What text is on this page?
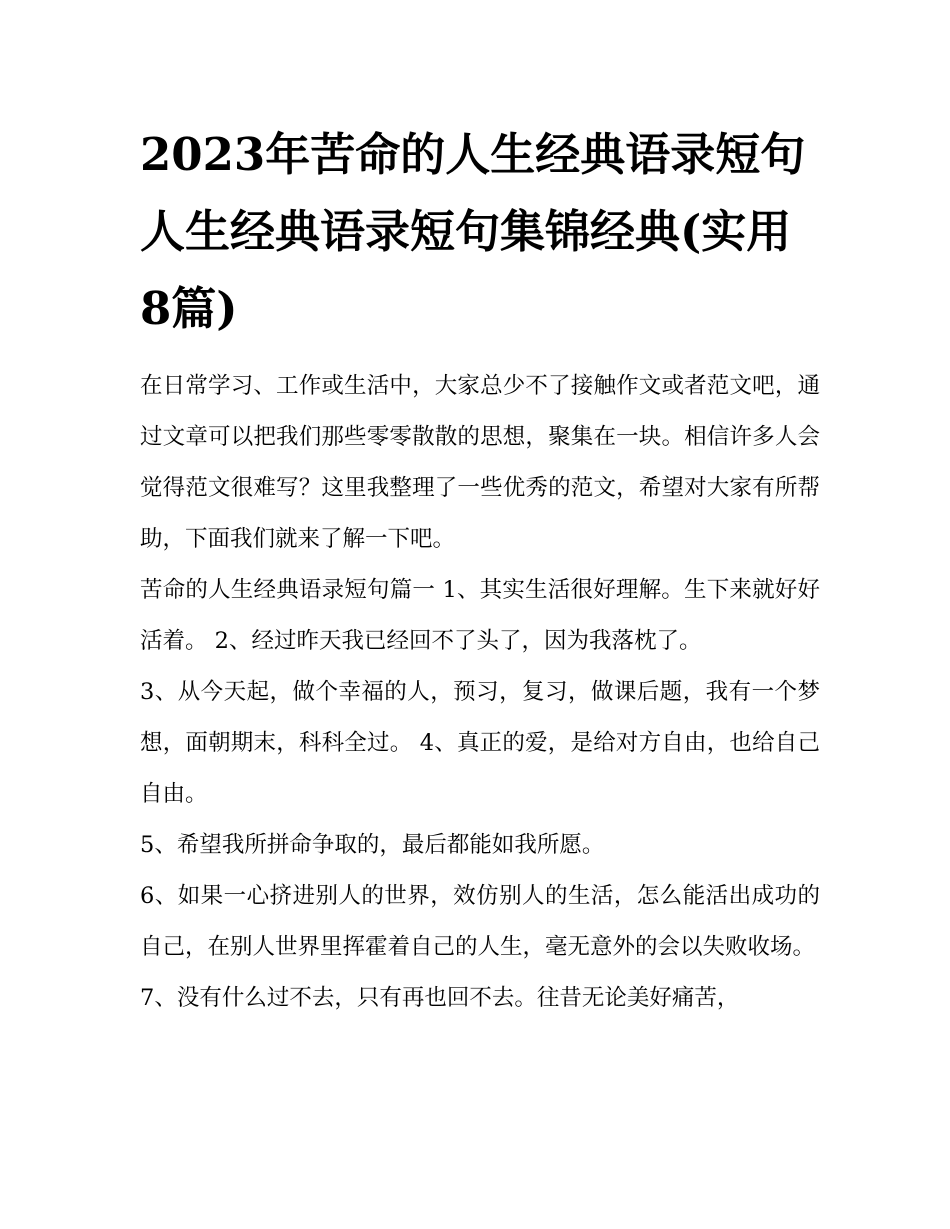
2023年苦命的人生经典语录短句 人生经典语录短句集锦经典(实用8篇)

在日常学习、工作或生活中，大家总少不了接触作文或者范文吧，通过文章可以把我们那些零零散散的思想，聚集在一块。相信许多人会觉得范文很难写？这里我整理了一些优秀的范文，希望对大家有所帮助，下面我们就来了解一下吧。

苦命的人生经典语录短句篇一 1、其实生活很好理解。生下来就好好活着。 2、经过昨天我已经回不了头了，因为我落枕了。

3、从今天起，做个幸福的人，预习，复习，做课后题，我有一个梦想，面朝期末，科科全过。 4、真正的爱，是给对方自由，也给自己自由。

5、希望我所拼命争取的，最后都能如我所愿。

6、如果一心挤进别人的世界，效仿别人的生活，怎么能活出成功的自己，在别人世界里挥霍着自己的人生，毫无意外的会以失败收场。

7、没有什么过不去，只有再也回不去。往昔无论美好痛苦，
